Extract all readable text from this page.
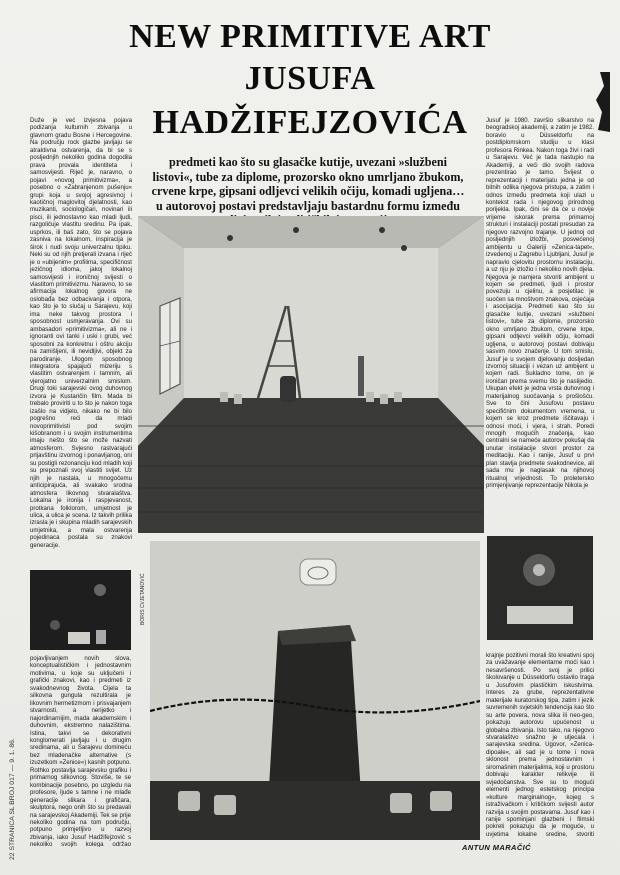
NEW PRIMITIVE ART
JUSUFA
HADŽIFEJZOVIĆA
predmeti kao što su glasačke kutije, uvezani »službeni listovi«, tube za diplome, prozorsko okno umrljano žbukom, crvene krpe, gipsani odljevci velikih očiju, komadi ugljena… u autorovoj postavi predstavljaju bastardnu formu između

Duže je već izvjesna pojava podizanja kulturnih zbivanja u glavnom gradu Bosne i Hercegovine. Na području rock glazbe javljaju se atraktivna ostvarenja, da bi se s posljednjih nekoliko godina dogodila prava provala identiteta i samosvijesti. Riječ je, naravno, o pojavi »novog primitivizma«, a posebno o »Zabranjenom pušenju« grupi koja u svojoj agresivnoj i kaotičnoj maglovitoj djelatnosti, kao muzikanti, sociologičari, novinari ili pisci, ili jednostavno kao mladi ljudi, razgoličuje vlastitu sredinu. Pa ipak, usprkos, ili baš zato, što se pojava zasniva na lokalnom, inspiracija je širok i nudi svoju univerzalnu tipiku. Neki su od njih pretjerali izvana i riječ je o »ubijenim« profilima, specifičnost jezičnog idioma, jakoj lokalnoj samosvijesti i ironičnoj svijesti o vlastitom primitivizmu. Naravno, to se afirmacija lokalnog govora ne oslobađa bez odbacivanja i otpora, kao što je to slučaj u Sarajevu, koji ima neke takvog prostora i sposobnost usmjeravanja. Ovi su ambasadori »primitivizma«, ali ne i ignoranti ovi tanki i uski i grubi, već sposobni za konkretnu i oštru akciju na zamišljeni, ili nevidljivi, objekt za parodiranje. Ulogom sposobnog integratora spajajući mizeriju s vlastitim ostvarenjem i tamnim, ali vjerojatno univerzalnim smislom. Drugi toki sarajevski ovog duhovnog izvora je Kustaričin film. Mada bi trebalo proviriti u to što je nakon toga izašlo na vidjelo, nikako ne bi bilo pogrešno reći da mladi novoprimitivisti pod svojim kišobranom i u svojim instrumentima imaju nešto što se može nazvati atmosferom. Svjesno rastvarajući prljavštinu izvornog i ponavljanog, oni su postigli rezonanciju kod mladih koji su prepoznali svoj vlastiti svijet. Uz njih je nastala, u mnogočemu anticipirajuća, ali svakako srodna atmosfera likovnog stvaralaštva. Lokalna je ironija i raspjevanost, protkana folklorom, umjetnost je ulica, a ulica je scena. Iz takvih prilika izrasla je i skupina mladih sarajevskih umjetnika, a mala ostvarenja pojedinaca postala su znakovi generacije.

Jusuf je 1980. završio slikarstvo na beogradskoj akademiji, a zatim je 1982. boravio u Düsseldorfu na postdiplomskom studiju u klasi profesora Rinkea. Nakon toga živi i radi u Sarajevu. Već je tada nastupio na Akademiji, a veći dio svojih radova prezentirao je tamo. Svijest o reprezentaciji i materijalu jedna je od bitnih odlika njegova pristupa, a zatim i odnos između predmeta koji ulazi u kontekst rada i njegovog prirodnog porijekla. Ipak, čini se da će u novije vrijeme iskorak prema primarnoj strukturi i instalaciji postati presudan za njegovo razvojno trajanje. U jednoj od posljednjih izložbi, posvećenoj ambijentu u Galeriji »Zenica-tapet«, izvedenoj u Zagrebu i Ljubljani, Jusuf je napravio cjelovitu prostornu instalaciju, a uz nju je izložio i nekoliko novih djela. Njegova je namjera stvoriti ambijent u kojem se predmeti, ljudi i prostor povezuju u cjelinu, a posjetilac je suočen sa mnoštvom znakova, osjećaja i asocijacija. Predmeti kao što su glasačke kutije, uvezani »službeni listovi«, tube za diplome, prozorsko okno umrljano žbukom, crvene krpe, gipsani odljevci velikih očiju, komadi ugljena, u autorovoj postavi dobivaju sasvim novo značenje. U tom smislu, Jusuf je u svojem djelovanju dosljedan izvornoj situaciji i vezan uz ambijent u kojem radi. Sukladno tome, on je ironičan prema svemu što je naslijedio. Ukupan efekt je jedna vrsta duhovnog i materijalnog suočavanja s prošlošću. Sve to čini Jusufovu postavu specifičnim dokumentom vremena, u kojem se kroz predmete iščitavaju i odnosi moći, i vjera, i strah. Poredi mnogih mogućih značenja, kao centralni se nameće autorov pokušaj da unutar instalacije stvori prostor za meditaciju. Kao i ranije, Jusuf u prvi plan stavlja predmete svakodnevice, ali sada mu je naglasak na njihovoj ritualnoj vrijednosti. To proletersko primjenjivanje reprezentacije Nikola je

BORIS CVJETANOVIĆ

pojavljivanjem novih slova, konceptualističkim i jednostavnim motivima, u koje su uključeni i grafički znakovi, kao i predmeti iz svakodnevnog života. Cijela ta silkovna gungula rezultirala je likovnim hermetizmom i prisvajanjem stvarnosti, a nerijetko i najordinarnijim, mada akademskim i duhovnim, ekstremno nalazištima. Istina, takvi se dekorativni konglomerati javljaju i u drugim sredinama, ali u Sarajevu domineću bez mladenačke alternative (s izuzetkom »Zenice«) kasnih potpuno. Rothko postavlja sarajevsku grafiku i primarnog silkovnog. Stoviše, te se kombinacije posebno, po uzgledu na profesore, ljude s tamne i ne mlađe generacije slikara i grafičara, skulptora, nego onih što su predavali na sarajevskoj Akademiji. Tek se prije nekoliko godina na tom području, potpuno primjetljivo u razvoj zbivanja, iako Jusuf Hadžifejzović s nekoliko svojih kolega održao

krajnje pozitivni morali što kreativni spoj za uvažavanje elementarne moći kao i nesavršenosti. Po svoj je prilici školovanje u Düsseldorfu ostavilo traga u Jusufovim plastičkim iskustvima. Interes za grube, reprezentativne materijale kuratorskog tipa, zatim i jezik suvremenih svjetskih tendencija kao što su arte povera, nova slika ili neo-geo, pokazuju autorovu upućenost u globalna zbivanja. Isto tako, na njegovo stvaralaštvo snažno je utjecala i sarajevska sredina. Ugovor, »Zenica-dipoale«, ali sad je u tome i nova sklonost prema jednostavnim i siromašnim materijalima, koji u prostoru dobivaju karakter relikvije ili svjedočanstva. Sve su to mogući elementi jednog estetskog principa »kulture marginalnog«, kojeg s istraživačkom i kritičkom svijesti autor razvija u svojim postavama. Jusuf kao i ranije spominjani glazbeni i filmski pokreti pokazuju da je moguće, u uvjetima lokalne sredine, stvoriti

ANTUN MARAČIĆ
22 STRANICA SL BROJ 017 — 9. 1. 86.
